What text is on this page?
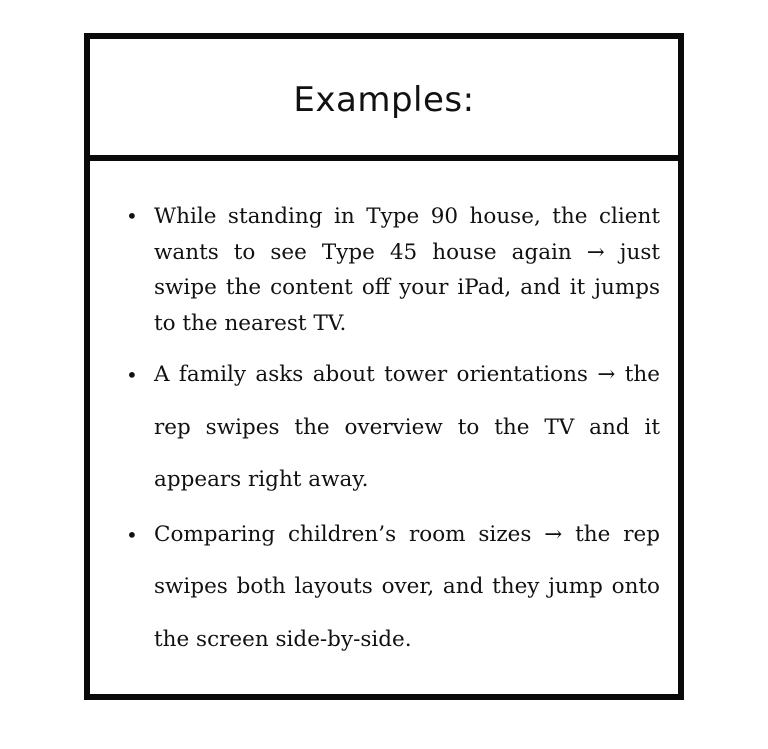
Examples:
• While standing in Type 90 house, the client wants to see Type 45 house again → just swipe the content off your iPad, and it jumps to the nearest TV.
• A family asks about tower orientations → the rep swipes the overview to the TV and it appears right away.
• Comparing children’s room sizes → the rep swipes both layouts over, and they jump onto the screen side-by-side.
